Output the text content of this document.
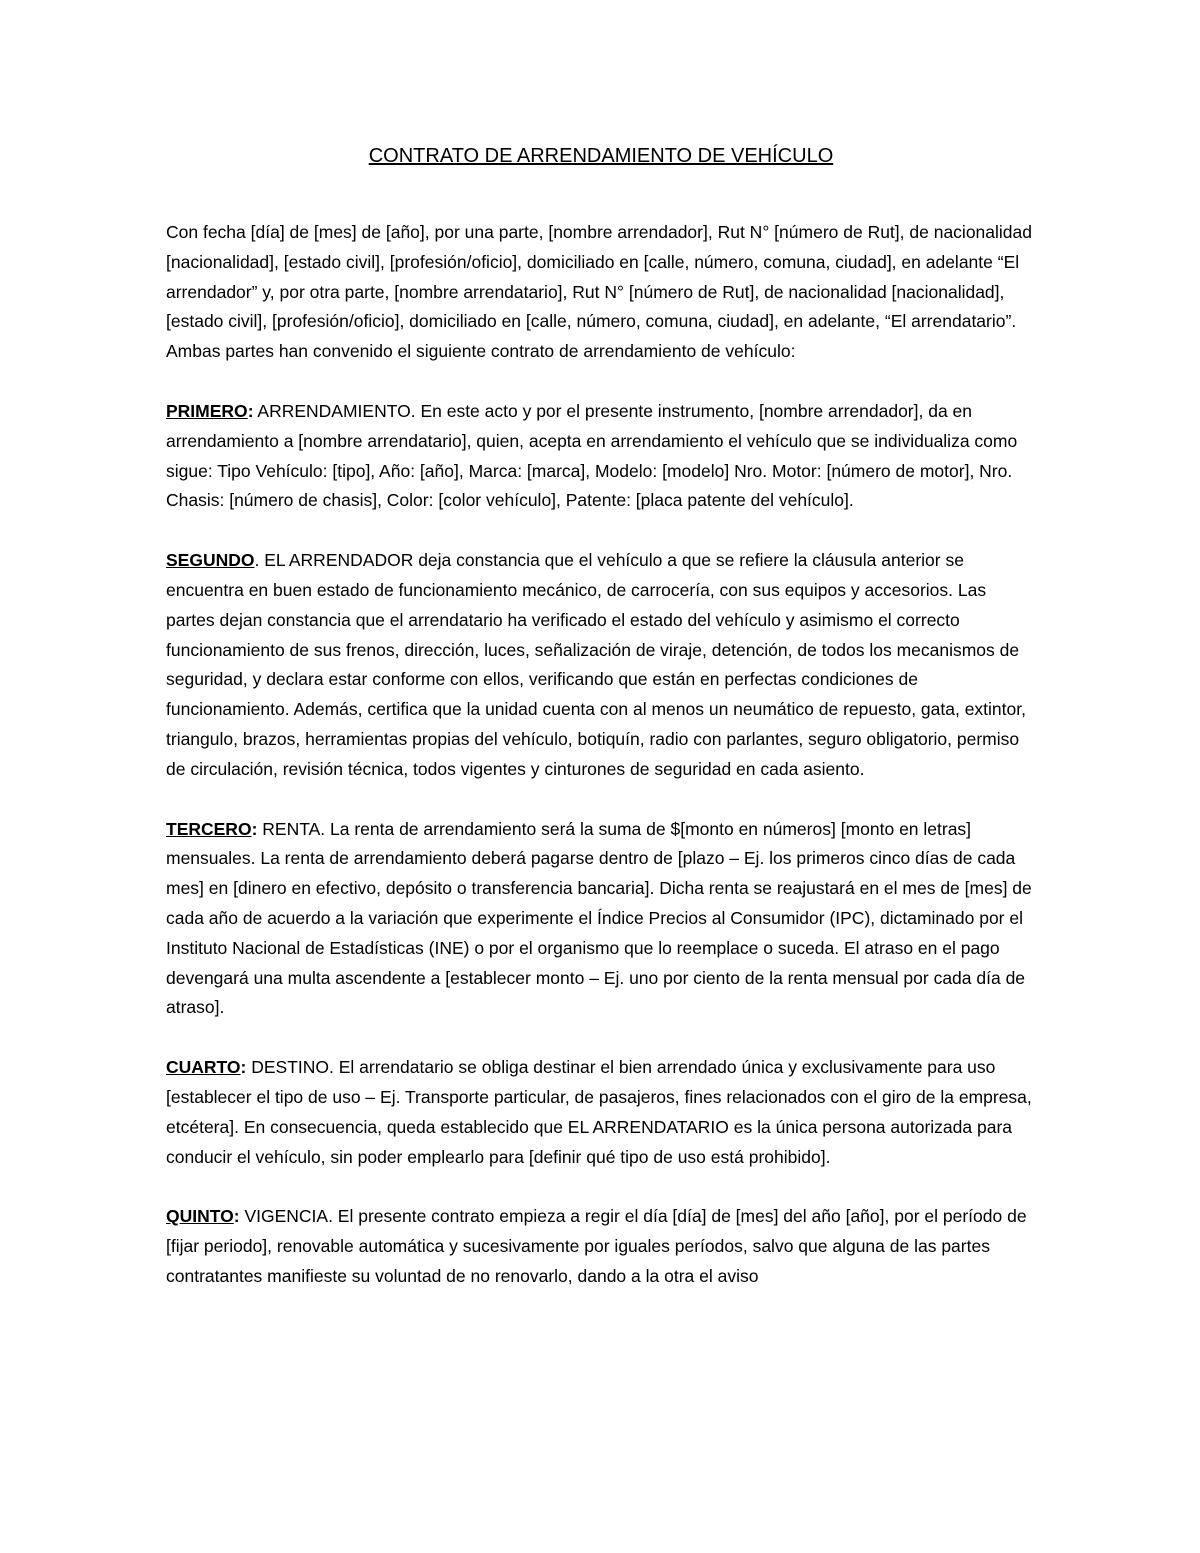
CONTRATO DE ARRENDAMIENTO DE VEHÍCULO

Con fecha [día] de [mes] de [año], por una parte, [nombre arrendador], Rut N° [número de Rut], de nacionalidad [nacionalidad], [estado civil], [profesión/oficio], domiciliado en [calle, número, comuna, ciudad], en adelante “El arrendador” y, por otra parte, [nombre arrendatario], Rut N° [número de Rut], de nacionalidad [nacionalidad], [estado civil], [profesión/oficio], domiciliado en [calle, número, comuna, ciudad], en adelante, “El arrendatario”. Ambas partes han convenido el siguiente contrato de arrendamiento de vehículo:

PRIMERO: ARRENDAMIENTO. En este acto y por el presente instrumento, [nombre arrendador], da en arrendamiento a [nombre arrendatario], quien, acepta en arrendamiento el vehículo que se individualiza como sigue: Tipo Vehículo: [tipo], Año: [año], Marca: [marca], Modelo: [modelo] Nro. Motor: [número de motor], Nro. Chasis: [número de chasis], Color: [color vehículo], Patente: [placa patente del vehículo].

SEGUNDO. EL ARRENDADOR deja constancia que el vehículo a que se refiere la cláusula anterior se encuentra en buen estado de funcionamiento mecánico, de carrocería, con sus equipos y accesorios. Las partes dejan constancia que el arrendatario ha verificado el estado del vehículo y asimismo el correcto funcionamiento de sus frenos, dirección, luces, señalización de viraje, detención, de todos los mecanismos de seguridad, y declara estar conforme con ellos, verificando que están en perfectas condiciones de funcionamiento. Además, certifica que la unidad cuenta con al menos un neumático de repuesto, gata, extintor, triangulo, brazos, herramientas propias del vehículo, botiquín, radio con parlantes, seguro obligatorio, permiso de circulación, revisión técnica, todos vigentes y cinturones de seguridad en cada asiento.

TERCERO: RENTA. La renta de arrendamiento será la suma de $[monto en números] [monto en letras] mensuales. La renta de arrendamiento deberá pagarse dentro de [plazo – Ej. los primeros cinco días de cada mes] en [dinero en efectivo, depósito o transferencia bancaria]. Dicha renta se reajustará en el mes de [mes] de cada año de acuerdo a la variación que experimente el Índice Precios al Consumidor (IPC), dictaminado por el Instituto Nacional de Estadísticas (INE) o por el organismo que lo reemplace o suceda. El atraso en el pago devengará una multa ascendente a [establecer monto – Ej. uno por ciento de la renta mensual por cada día de atraso].

CUARTO: DESTINO. El arrendatario se obliga destinar el bien arrendado única y exclusivamente para uso [establecer el tipo de uso – Ej. Transporte particular, de pasajeros, fines relacionados con el giro de la empresa, etcétera]. En consecuencia, queda establecido que EL ARRENDATARIO es la única persona autorizada para conducir el vehículo, sin poder emplearlo para [definir qué tipo de uso está prohibido].

QUINTO: VIGENCIA. El presente contrato empieza a regir el día [día] de [mes] del año [año], por el período de [fijar periodo], renovable automática y sucesivamente por iguales períodos, salvo que alguna de las partes contratantes manifieste su voluntad de no renovarlo, dando a la otra el aviso
